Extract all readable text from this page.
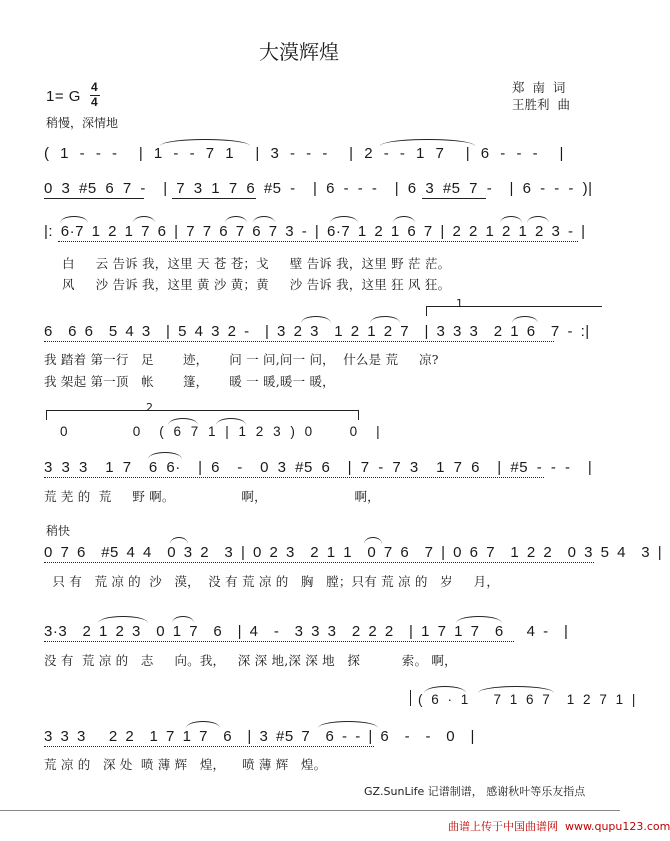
大漠辉煌
郑  南  词
王胜利  曲
1= G
4
4
稍慢，深情地
( 1 - - -  | 1 - - 7 1  | 3 - - -  | 2 - - 1 7  | 6 - - -  |
0 3 #5 6 7 -  | 7 3 1 7 6 #5 -  | 6 - - -  | 6 3 #5 7 -  | 6 - - - )|
|: 6·7 1 2 1 7 6 | 7 7 6 7 6 7 3 - | 6·7 1 2 1 6 7 | 2 2 1 2 1 2 3 - |
白     云 告诉 我，这里 天 苍 苍；戈     壁 告诉 我，这里 野 茫 茫。
风     沙 告诉 我，这里 黄 沙 黄；黄     沙 告诉 我，这里 狂 风 狂。
1
6  6 6  5 4 3  | 5 4 3 2 -  | 3 2 3  1 2 1 2 7  | 3 3 3  2 1 6  7 - :|
我 踏着 第一行   足       迹，     问 一 问,问一 问，  什么是 荒     凉?
我 架起 第一顶   帐       篷，     暖 一 暖,暖一 暖，
2
0       0  ( 6 7 1 | 1 2 3 ) 0    0  |
3 3 3  1 7  6 6·  | 6  -  0 3 #5 6  | 7 - 7 3  1 7 6  | #5 - - -  |
荒 芜 的  荒     野 啊。                啊，                     啊，
稍快
0 7 6  #5 4 4  0 3 2  3 | 0 2 3  2 1 1  0 7 6  7 | 0 6 7  1 2 2  0 3 5 4  3 |
只 有   荒 凉 的  沙   漠，  没 有 荒 凉 的   胸   膛；只有 荒 凉 的   岁     月，
3·3  2 1 2 3  0 1 7  6  | 4  -  3 3 3  2 2 2  | 1 7 1 7  6   4 -  |
没 有  荒 凉 的   志     向。我，   深 深 地,深 深 地   探          索。 啊，
( 6 · 1   7 1 6 7  1 2 7 1 |
3 3 3   2 2  1 7 1 7  6  | 3 #5 7  6 - - | 6  -  -  0  |
荒 凉 的   深 处  喷 薄 辉   煌，    喷 薄 辉   煌。
GZ.SunLife 记谱制谱， 感谢秋叶等乐友指点
曲谱上传于中国曲谱网  www.qupu123.com
